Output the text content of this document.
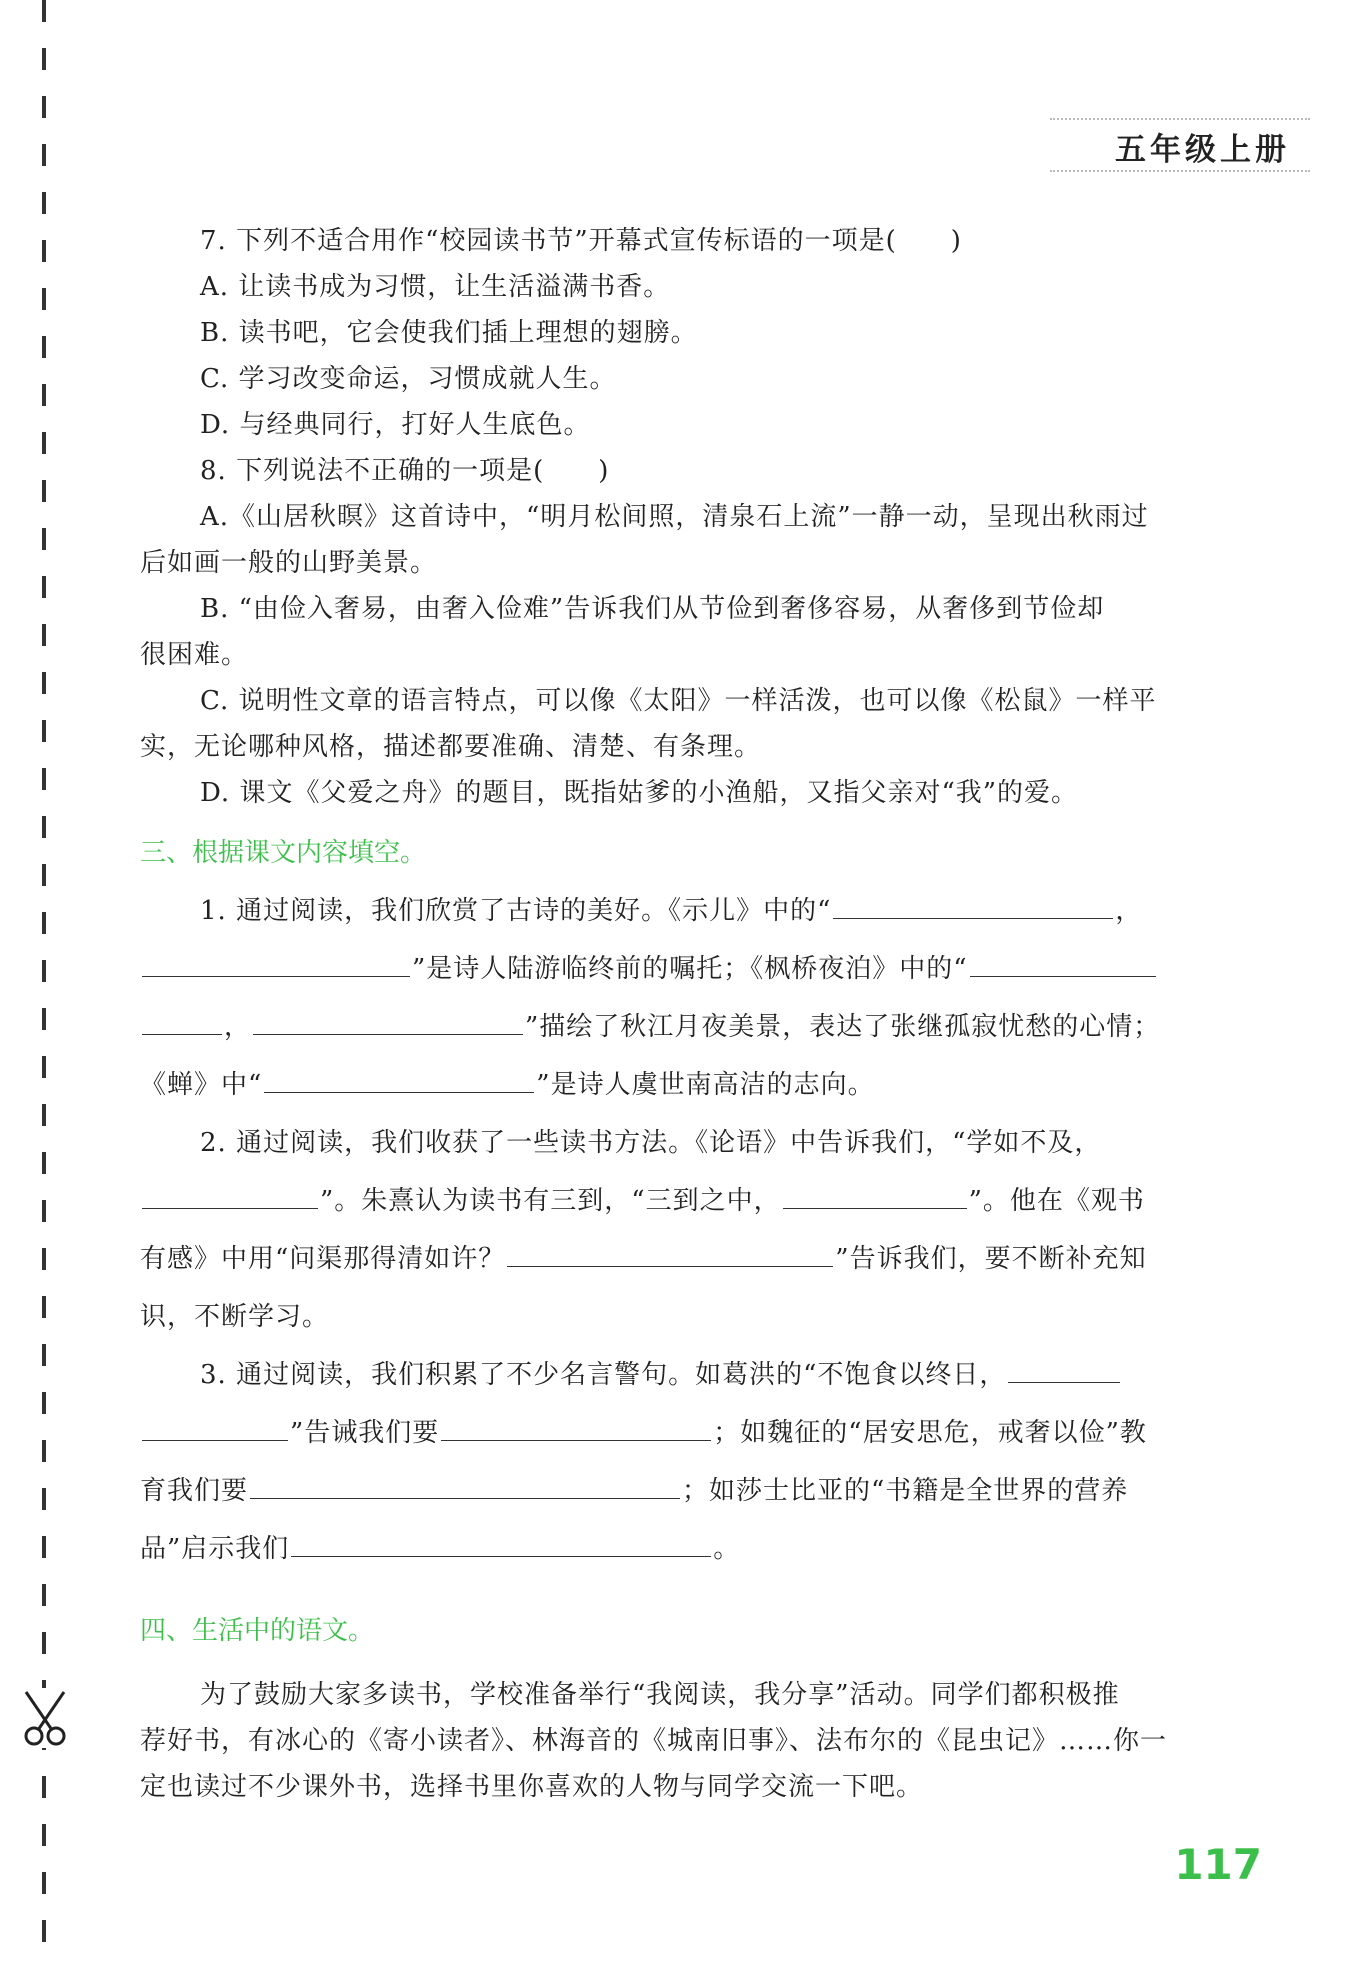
五年级上册
7. 下列不适合用作“校园读书节”开幕式宣传标语的一项是(　　)
A. 让读书成为习惯，让生活溢满书香。
B. 读书吧，它会使我们插上理想的翅膀。
C. 学习改变命运，习惯成就人生。
D. 与经典同行，打好人生底色。
8. 下列说法不正确的一项是(　　)
A.《山居秋暝》这首诗中，“明月松间照，清泉石上流”一静一动，呈现出秋雨过
后如画一般的山野美景。
B. “由俭入奢易，由奢入俭难”告诉我们从节俭到奢侈容易，从奢侈到节俭却
很困难。
C. 说明性文章的语言特点，可以像《太阳》一样活泼，也可以像《松鼠》一样平
实，无论哪种风格，描述都要准确、清楚、有条理。
D. 课文《父爱之舟》的题目，既指姑爹的小渔船，又指父亲对“我”的爱。
三、根据课文内容填空。
1. 通过阅读，我们欣赏了古诗的美好。《示儿》中的“	，
”是诗人陆游临终前的嘱托；《枫桥夜泊》中的“
，	”描绘了秋江月夜美景，表达了张继孤寂忧愁的心情；
《蝉》中“	”是诗人虞世南高洁的志向。
2. 通过阅读，我们收获了一些读书方法。《论语》中告诉我们，“学如不及，
”。朱熹认为读书有三到，“三到之中，	”。他在《观书
有感》中用“问渠那得清如许？	”告诉我们，要不断补充知
识，不断学习。
3. 通过阅读，我们积累了不少名言警句。如葛洪的“不饱食以终日，
”告诫我们要	；如魏征的“居安思危，戒奢以俭”教
育我们要	；如莎士比亚的“书籍是全世界的营养
品”启示我们	。
四、生活中的语文。
为了鼓励大家多读书，学校准备举行“我阅读，我分享”活动。同学们都积极推
荐好书，有冰心的《寄小读者》、林海音的《城南旧事》、法布尔的《昆虫记》……你一
定也读过不少课外书，选择书里你喜欢的人物与同学交流一下吧。
117
